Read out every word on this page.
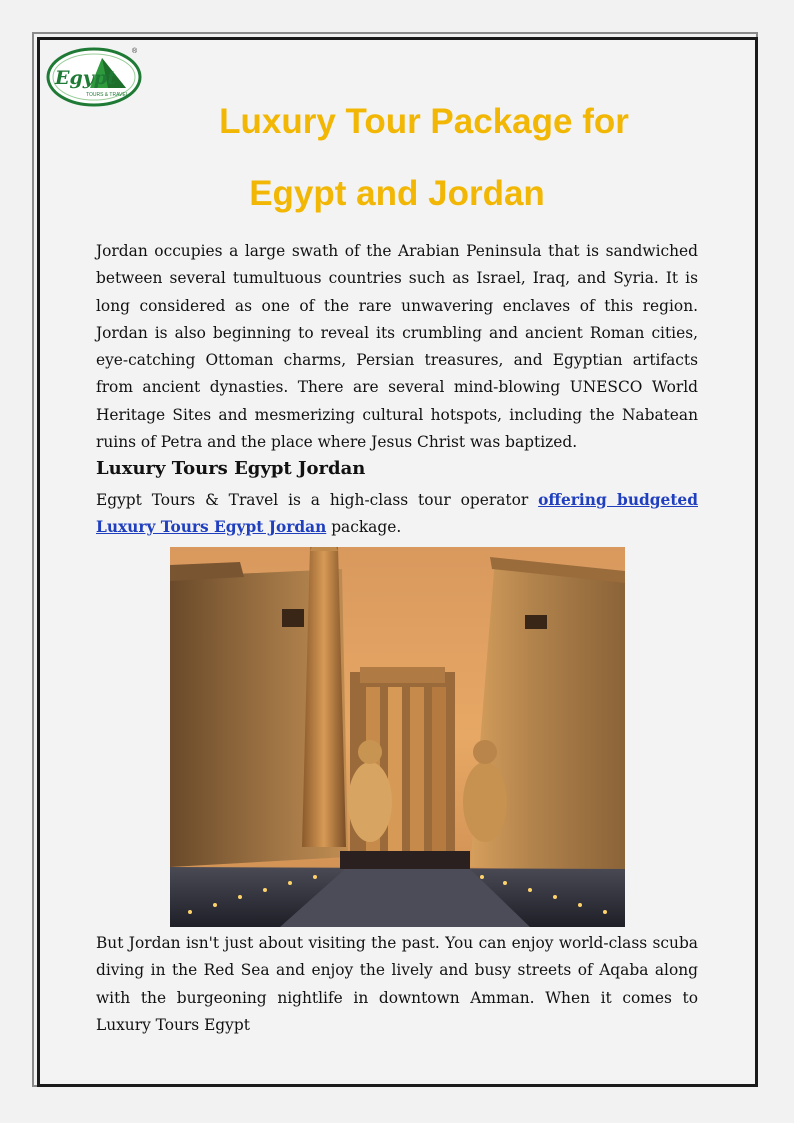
Egypt
TOURS & TRAVEL
®
Luxury Tour Package for
Egypt and Jordan

Jordan occupies a large swath of the Arabian Peninsula that is sandwiched between several tumultuous countries such as Israel, Iraq, and Syria. It is long considered as one of the rare unwavering enclaves of this region. Jordan is also beginning to reveal its crumbling and ancient Roman cities, eye-catching Ottoman charms, Persian treasures, and Egyptian artifacts from ancient dynasties. There are several mind-blowing UNESCO World Heritage Sites and mesmerizing cultural hotspots, including the Nabatean ruins of Petra and the place where Jesus Christ was baptized.

Luxury Tours Egypt Jordan

Egypt Tours & Travel is a high-class tour operator offering budgeted Luxury Tours Egypt Jordan package.

But Jordan isn't just about visiting the past. You can enjoy world-class scuba diving in the Red Sea and enjoy the lively and busy streets of Aqaba along with the burgeoning nightlife in downtown Amman. When it comes to Luxury Tours Egypt
